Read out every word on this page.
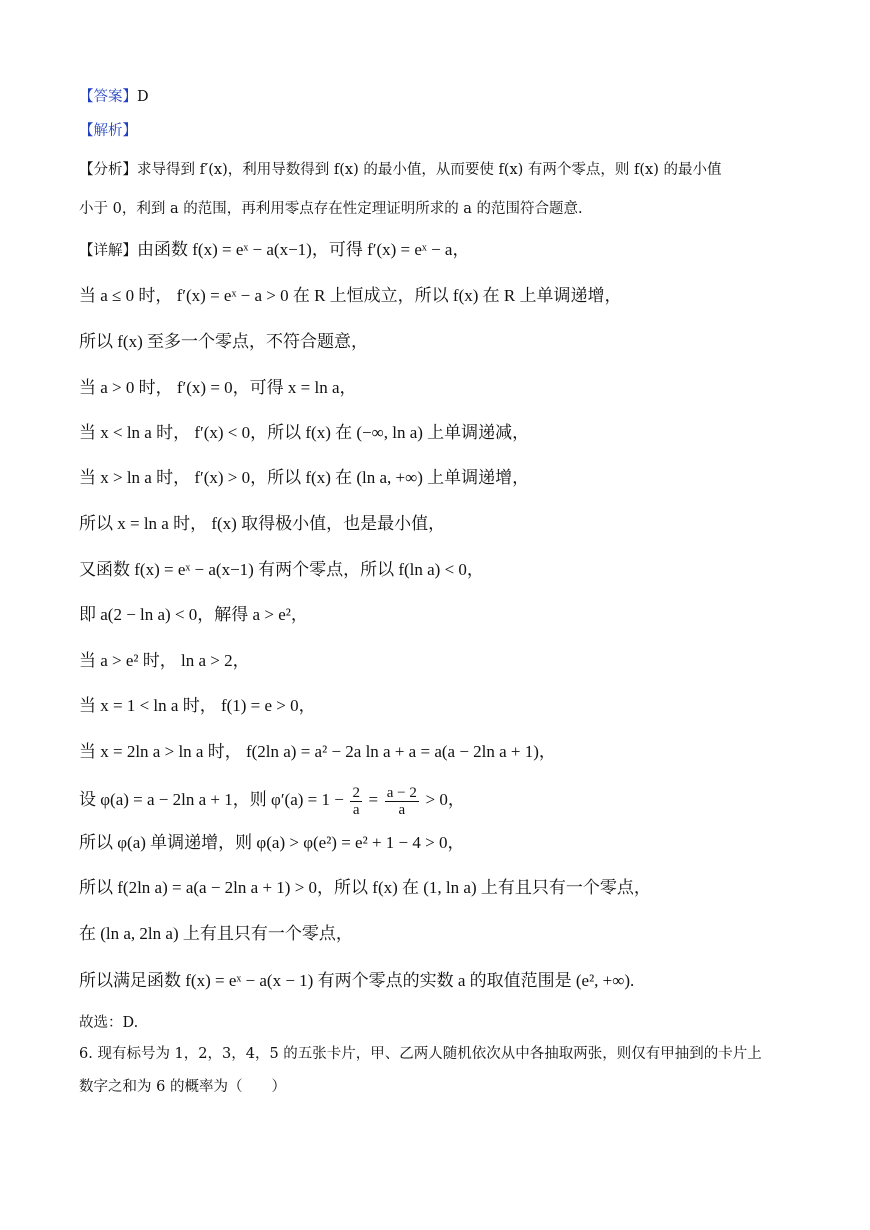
【答案】D
【解析】
【分析】求导得到 f′(x)，利用导数得到 f(x) 的最小值，从而要使 f(x) 有两个零点，则 f(x) 的最小值
小于 0，利到 a 的范围，再利用零点存在性定理证明所求的 a 的范围符合题意.
【详解】由函数 f(x) = eˣ − a(x−1)，可得 f′(x) = eˣ − a，
当 a ≤ 0 时， f′(x) = eˣ − a > 0 在 R 上恒成立，所以 f(x) 在 R 上单调递增，
所以 f(x) 至多一个零点，不符合题意，
当 a > 0 时， f′(x) = 0，可得 x = ln a，
当 x < ln a 时， f′(x) < 0，所以 f(x) 在 (−∞, ln a) 上单调递减，
当 x > ln a 时， f′(x) > 0，所以 f(x) 在 (ln a, +∞) 上单调递增，
所以 x = ln a 时， f(x) 取得极小值，也是最小值，
又函数 f(x) = eˣ − a(x−1) 有两个零点，所以 f(ln a) < 0，
即 a(2 − ln a) < 0，解得 a > e²，
当 a > e² 时， ln a > 2，
当 x = 1 < ln a 时， f(1) = e > 0，
当 x = 2ln a > ln a 时， f(2ln a) = a² − 2a ln a + a = a(a − 2ln a + 1)，
设 φ(a) = a − 2ln a + 1，则 $\varphi'(a) = 1 - \frac{2}{a} = \frac{a - 2}{a} > 0$，
所以 φ(a) 单调递增，则 φ(a) > φ(e²) = e² + 1 − 4 > 0，
所以 f(2ln a) = a(a − 2ln a + 1) > 0，所以 f(x) 在 (1, ln a) 上有且只有一个零点，
在 (ln a, 2ln a) 上有且只有一个零点，
所以满足函数 f(x) = eˣ − a(x − 1) 有两个零点的实数 a 的取值范围是 (e², +∞).
故选：D.
6. 现有标号为 1，2，3，4，5 的五张卡片，甲、乙两人随机依次从中各抽取两张，则仅有甲抽到的卡片上
数字之和为 6 的概率为（　　）
